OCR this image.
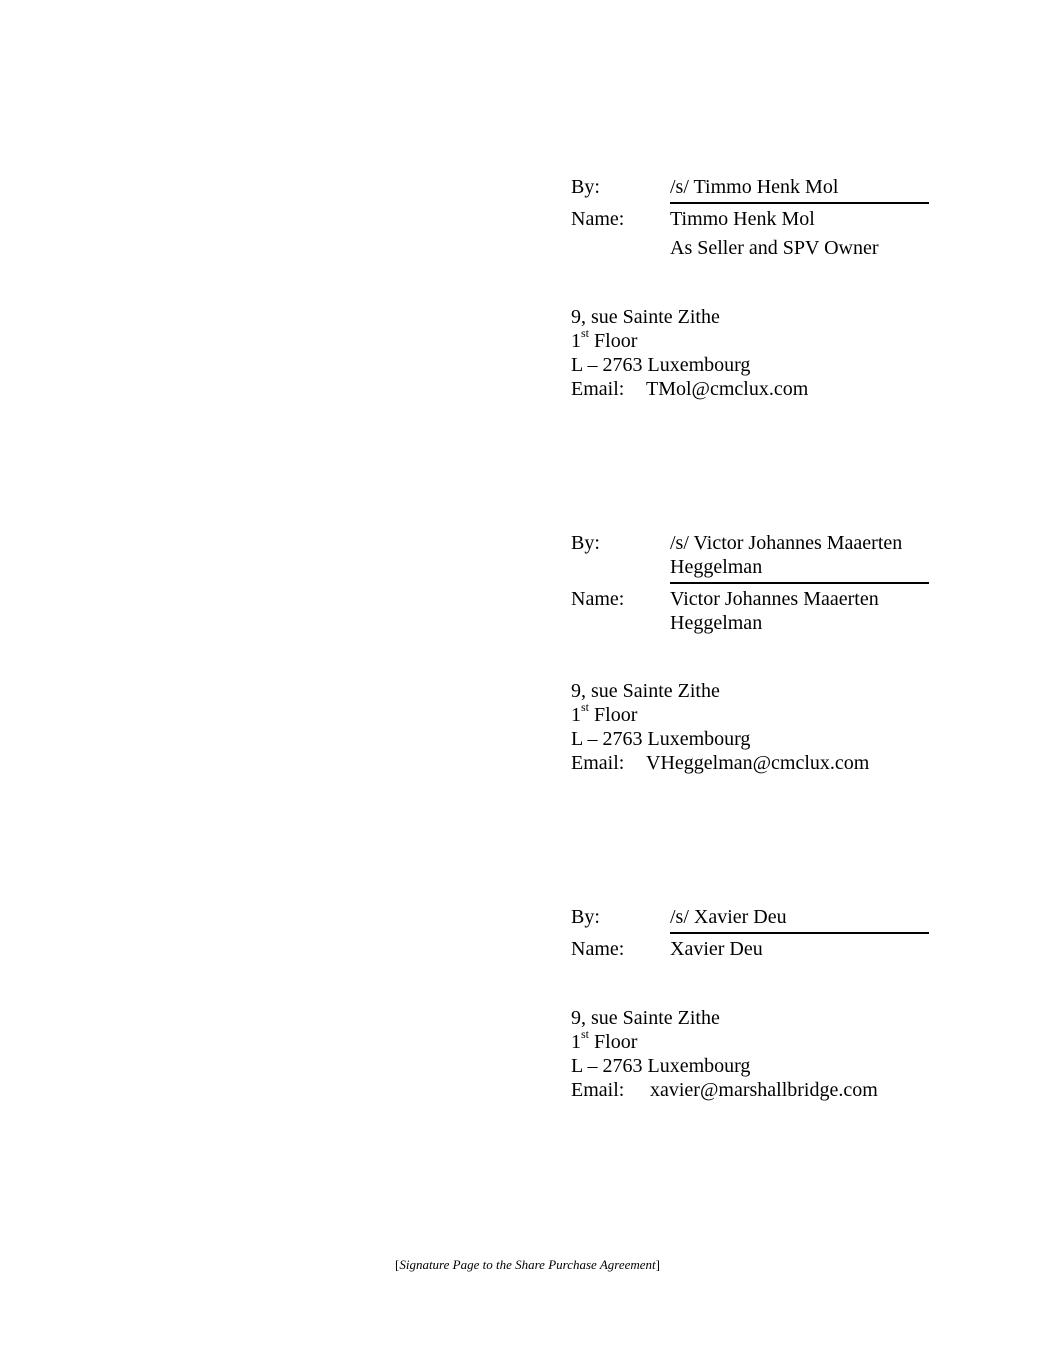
By:	/s/ Timmo Henk Mol
Name:	Timmo Henk Mol
As Seller and SPV Owner
9, sue Sainte Zithe
1st Floor
L – 2763 Luxembourg
Email: TMol@cmclux.com
By:	/s/ Victor Johannes Maaerten Heggelman
Name:	Victor Johannes Maaerten Heggelman
9, sue Sainte Zithe
1st Floor
L – 2763 Luxembourg
Email: VHeggelman@cmclux.com
By:	/s/ Xavier Deu
Name:	Xavier Deu
9, sue Sainte Zithe
1st Floor
L – 2763 Luxembourg
Email: xavier@marshallbridge.com
[Signature Page to the Share Purchase Agreement]
